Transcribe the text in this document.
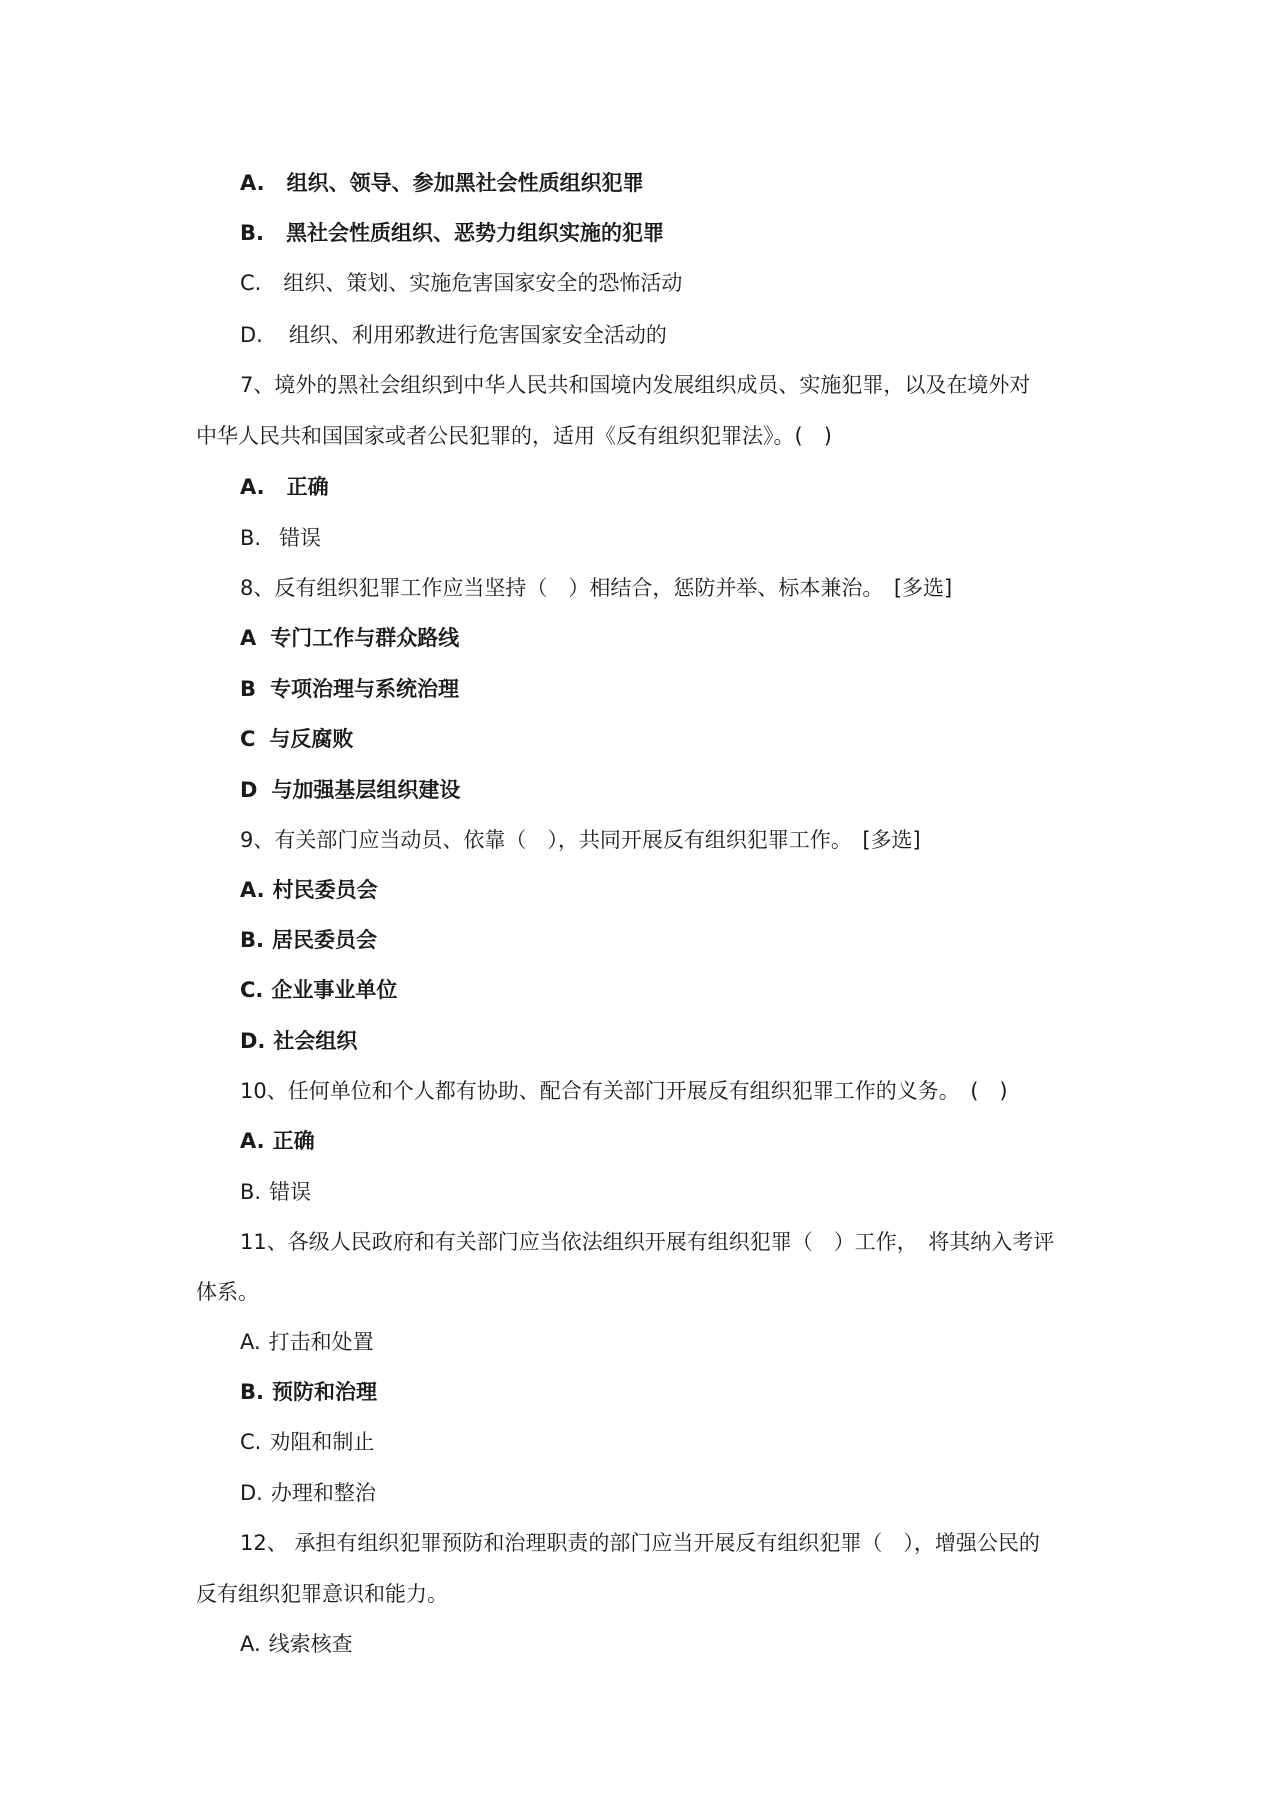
A. 组织、领导、参加黑社会性质组织犯罪
B. 黑社会性质组织、恶势力组织实施的犯罪
C. 组织、策划、实施危害国家安全的恐怖活动
D. 组织、利用邪教进行危害国家安全活动的
7、境外的黑社会组织到中华人民共和国境内发展组织成员、实施犯罪，以及在境外对
中华人民共和国国家或者公民犯罪的，适用《反有组织犯罪法》。(　)
A. 正确
B. 错误
8、反有组织犯罪工作应当坚持（　）相结合，惩防并举、标本兼治。　[多选]
A 专门工作与群众路线
B 专项治理与系统治理
C 与反腐败
D 与加强基层组织建设
9、有关部门应当动员、依靠（　），共同开展反有组织犯罪工作。　[多选]
A. 村民委员会
B. 居民委员会
C. 企业事业单位
D. 社会组织
10、任何单位和个人都有协助、配合有关部门开展反有组织犯罪工作的义务。　(　)
A. 正确
B. 错误
11、各级人民政府和有关部门应当依法组织开展有组织犯罪（　）工作，　将其纳入考评
体系。
A. 打击和处置
B. 预防和治理
C. 劝阻和制止
D. 办理和整治
12、 承担有组织犯罪预防和治理职责的部门应当开展反有组织犯罪（　），增强公民的
反有组织犯罪意识和能力。
A. 线索核查
